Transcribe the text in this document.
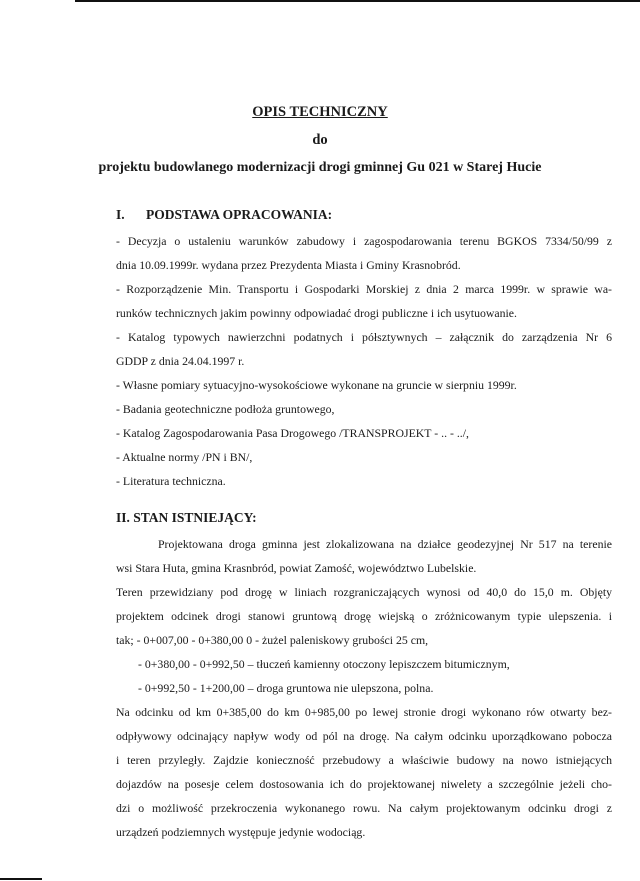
OPIS TECHNICZNY
do
projektu budowlanego modernizacji drogi gminnej Gu 021 w Starej Hucie
I. PODSTAWA OPRACOWANIA:
- Decyzja o ustaleniu warunków zabudowy i zagospodarowania terenu BGKOS 7334/50/99 z
dnia 10.09.1999r. wydana przez Prezydenta Miasta i Gminy Krasnobród.
- Rozporządzenie Min. Transportu i Gospodarki Morskiej z dnia 2 marca 1999r. w sprawie wa-
runków technicznych jakim powinny odpowiadać drogi publiczne i ich usytuowanie.
- Katalog typowych nawierzchni podatnych i półsztywnych – załącznik do zarządzenia Nr 6
GDDP z dnia 24.04.1997 r.
- Własne pomiary sytuacyjno-wysokościowe wykonane na gruncie w sierpniu 1999r.
- Badania geotechniczne podłoża gruntowego,
- Katalog Zagospodarowania Pasa Drogowego /TRANSPROJEKT - .. - ../,
- Aktualne normy /PN i BN/,
- Literatura techniczna.
II. STAN ISTNIEJĄCY:
Projektowana droga gminna jest zlokalizowana na działce geodezyjnej Nr 517 na terenie
wsi Stara Huta, gmina Krasnbród, powiat Zamość, województwo Lubelskie.
Teren przewidziany pod drogę w liniach rozgraniczających wynosi od 40,0 do 15,0 m. Objęty
projektem odcinek drogi stanowi gruntową drogę wiejską o zróżnicowanym typie ulepszenia. i
tak; - 0+007,00 - 0+380,00 0 - żużel paleniskowy grubości 25 cm,
- 0+380,00 - 0+992,50 – tłuczeń kamienny otoczony lepiszczem bitumicznym,
- 0+992,50 - 1+200,00 – droga gruntowa nie ulepszona, polna.
Na odcinku od km 0+385,00 do km 0+985,00 po lewej stronie drogi wykonano rów otwarty bez-
odpływowy odcinający napływ wody od pól na drogę. Na całym odcinku uporządkowano pobocza
i teren przyległy. Zajdzie konieczność przebudowy a właściwie budowy na nowo istniejących
dojazdów na posesje celem dostosowania ich do projektowanej niwelety a szczególnie jeżeli cho-
dzi o możliwość przekroczenia wykonanego rowu. Na całym projektowanym odcinku drogi z
urządzeń podziemnych występuje jedynie wodociąg.
